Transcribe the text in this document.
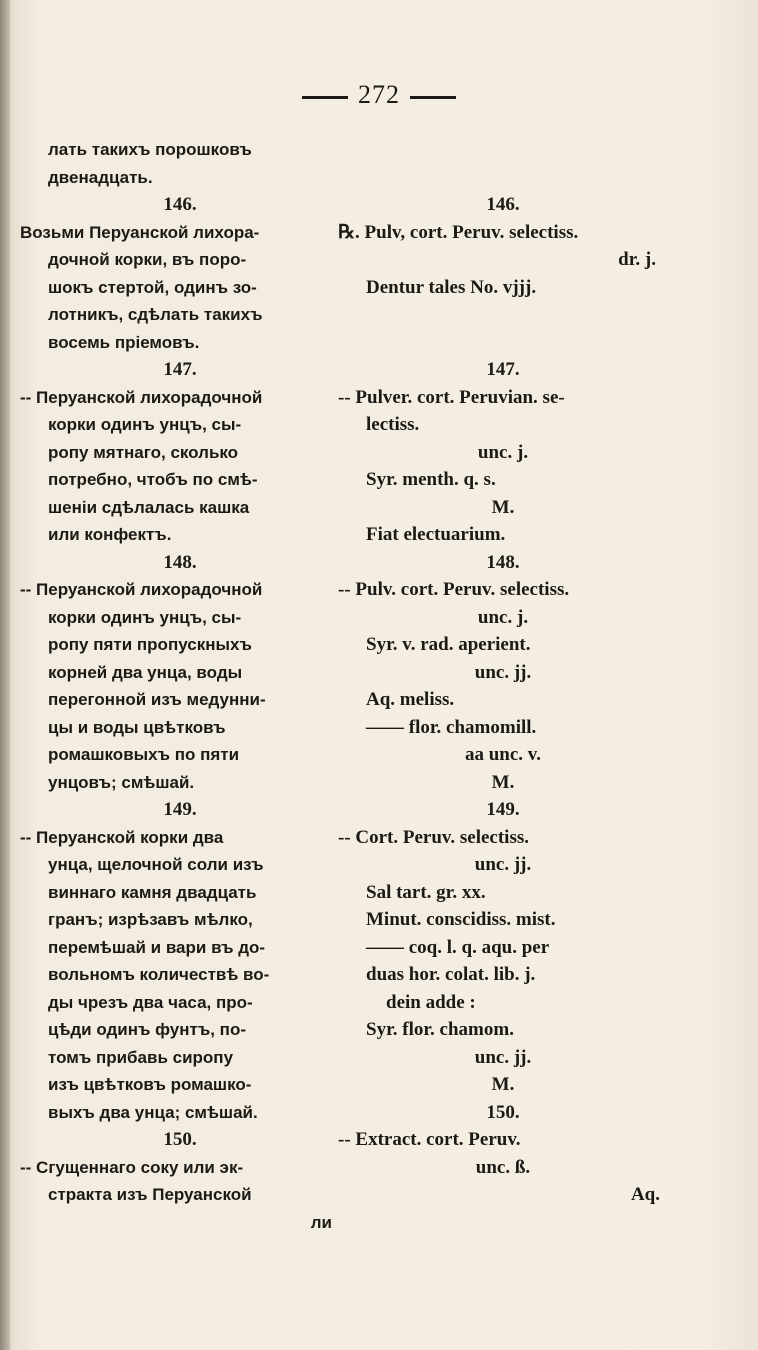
272
лать такихъ порошковъ
двенадцать.
146.
Возьми Перуанской лихора-
дочной корки, въ поро-
шокъ стертой, одинъ зо-
лотникъ, сдѣлать такихъ
восемь пріемовъ.
147.
-- Перуанской лихорадочной
корки одинъ унцъ, сы-
ропу мятнаго, сколько
потребно, чтобъ по смѣ-
шеніи сдѣлалась кашка
или конфектъ.
148.
-- Перуанской лихорадочной
корки одинъ унцъ, сы-
ропу пяти пропускныхъ
корней два унца, воды
перегонной изъ медунни-
цы и воды цвѣтковъ
ромашковыхъ по пяти
унцовъ; смѣшай.
149.
-- Перуанской корки два
унца, щелочной соли изъ
виннаго камня двадцать
гранъ; изрѣзавъ мѣлко,
перемѣшай и вари въ до-
вольномъ количествѣ во-
ды чрезъ два часа, про-
цѣди одинъ фунтъ, по-
томъ прибавь сиропу
изъ цвѣтковъ ромашко-
выхъ два унца; смѣшай.
150.
-- Сгущеннаго соку или эк-
стракта изъ Перуанской
ли
146.
℞. Pulv, cort. Peruv. selectiss.
dr. j.
Dentur tales No. vjjj.
147.
-- Pulver. cort. Peruvian. se-
lectiss.
unc. j.
Syr. menth. q. s.
M.
Fiat electuarium.
148.
-- Pulv. cort. Peruv. selectiss.
unc. j.
Syr. v. rad. aperient.
unc. jj.
Aq. meliss.
—— flor. chamomill.
aa unc. v.
M.
149.
-- Cort. Peruv. selectiss.
unc. jj.
Sal tart. gr. xx.
Minut. conscidiss. mist.
—— coq. l. q. aqu. per
duas hor. colat. lib. j.
dein adde :
Syr. flor. chamom.
unc. jj.
M.
150.
-- Extract. cort. Peruv.
unc. ß.
Aq.
